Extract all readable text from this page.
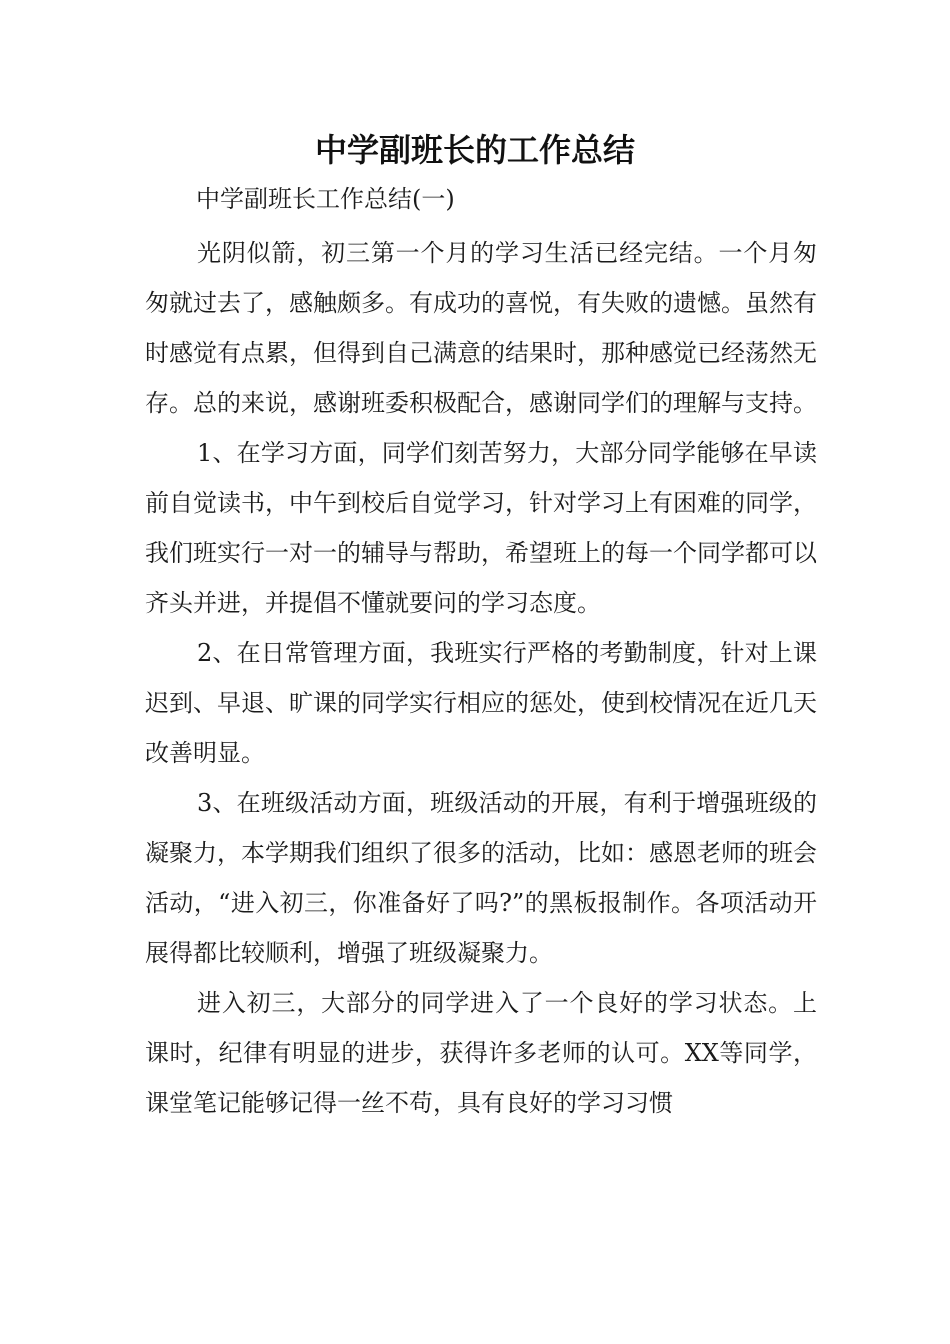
中学副班长的工作总结

中学副班长工作总结(一)

光阴似箭，初三第一个月的学习生活已经完结。一个月匆匆就过去了，感触颇多。有成功的喜悦，有失败的遗憾。虽然有时感觉有点累，但得到自己满意的结果时，那种感觉已经荡然无存。总的来说，感谢班委积极配合，感谢同学们的理解与支持。

1、在学习方面，同学们刻苦努力，大部分同学能够在早读前自觉读书，中午到校后自觉学习，针对学习上有困难的同学，我们班实行一对一的辅导与帮助，希望班上的每一个同学都可以齐头并进，并提倡不懂就要问的学习态度。

2、在日常管理方面，我班实行严格的考勤制度，针对上课迟到、早退、旷课的同学实行相应的惩处，使到校情况在近几天改善明显。

3、在班级活动方面，班级活动的开展，有利于增强班级的凝聚力，本学期我们组织了很多的活动，比如：感恩老师的班会活动，“进入初三，你准备好了吗?”的黑板报制作。各项活动开展得都比较顺利，增强了班级凝聚力。

进入初三，大部分的同学进入了一个良好的学习状态。上课时，纪律有明显的进步，获得许多老师的认可。XX等同学，课堂笔记能够记得一丝不苟，具有良好的学习习惯
